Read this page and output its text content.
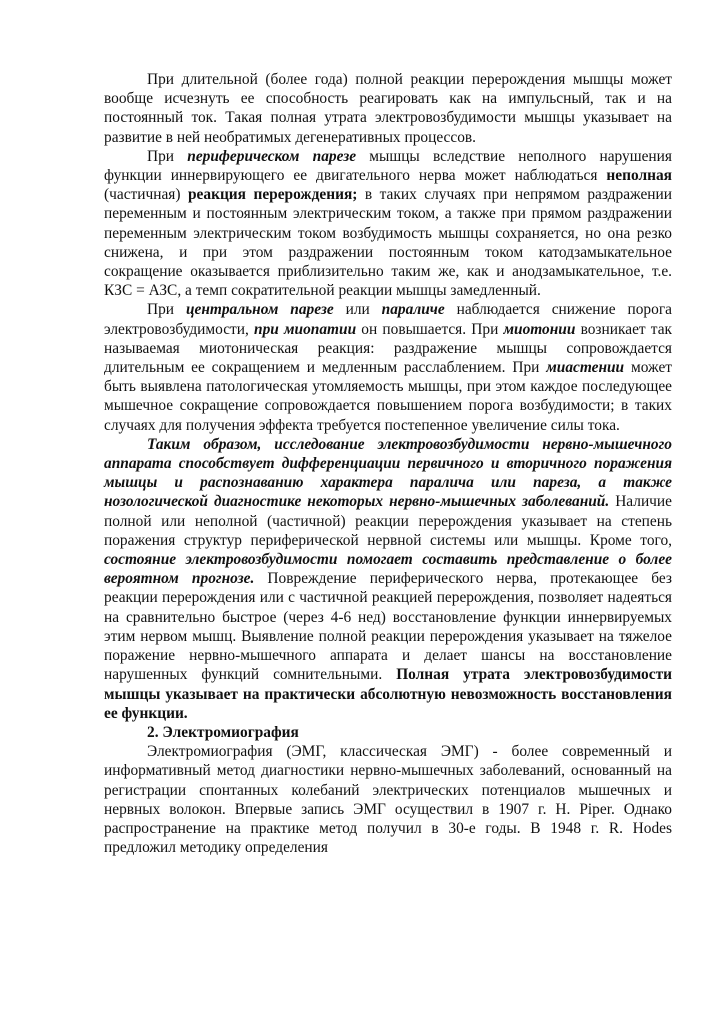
При длительной (более года) полной реакции перерождения мышцы может вообще исчезнуть ее способность реагировать как на импульсный, так и на постоянный ток. Такая полная утрата электровозбудимости мышцы указывает на развитие в ней необратимых дегенеративных процессов.

При периферическом парезе мышцы вследствие неполного нарушения функции иннервирующего ее двигательного нерва может наблюдаться неполная (частичная) реакция перерождения; в таких случаях при непрямом раздражении переменным и постоянным электрическим током, а также при прямом раздражении переменным электрическим током возбудимость мышцы сохраняется, но она резко снижена, и при этом раздражении постоянным током катодзамыкательное сокращение оказывается приблизительно таким же, как и анодзамыкательное, т.е. КЗС = АЗС, а темп сократительной реакции мышцы замедленный.

При центральном парезе или параличе наблюдается снижение порога электровозбудимости, при миопатии он повышается. При миотонии возникает так называемая миотоническая реакция: раздражение мышцы сопровождается длительным ее сокращением и медленным расслаблением. При миастении может быть выявлена патологическая утомляемость мышцы, при этом каждое последующее мышечное сокращение сопровождается повышением порога возбудимости; в таких случаях для получения эффекта требуется постепенное увеличение силы тока.

Таким образом, исследование электровозбудимости нервно-мышечного аппарата способствует дифференциации первичного и вторичного поражения мышцы и распознаванию характера паралича или пареза, а также нозологической диагностике некоторых нервно-мышечных заболеваний. Наличие полной или неполной (частичной) реакции перерождения указывает на степень поражения структур периферической нервной системы или мышцы. Кроме того, состояние электровозбудимости помогает составить представление о более вероятном прогнозе. Повреждение периферического нерва, протекающее без реакции перерождения или с частичной реакцией перерождения, позволяет надеяться на сравнительно быстрое (через 4-6 нед) восстановление функции иннервируемых этим нервом мышц. Выявление полной реакции перерождения указывает на тяжелое поражение нервно-мышечного аппарата и делает шансы на восстановление нарушенных функций сомнительными. Полная утрата электровозбудимости мышцы указывает на практически абсолютную невозможность восстановления ее функции.

2. Электромиография

Электромиография (ЭМГ, классическая ЭМГ) - более современный и информативный метод диагностики нервно-мышечных заболеваний, основанный на регистрации спонтанных колебаний электрических потенциалов мышечных и нервных волокон. Впервые запись ЭМГ осуществил в 1907 г. H. Piper. Однако распространение на практике метод получил в 30-е годы. В 1948 г. R. Hodes предложил методику определения
